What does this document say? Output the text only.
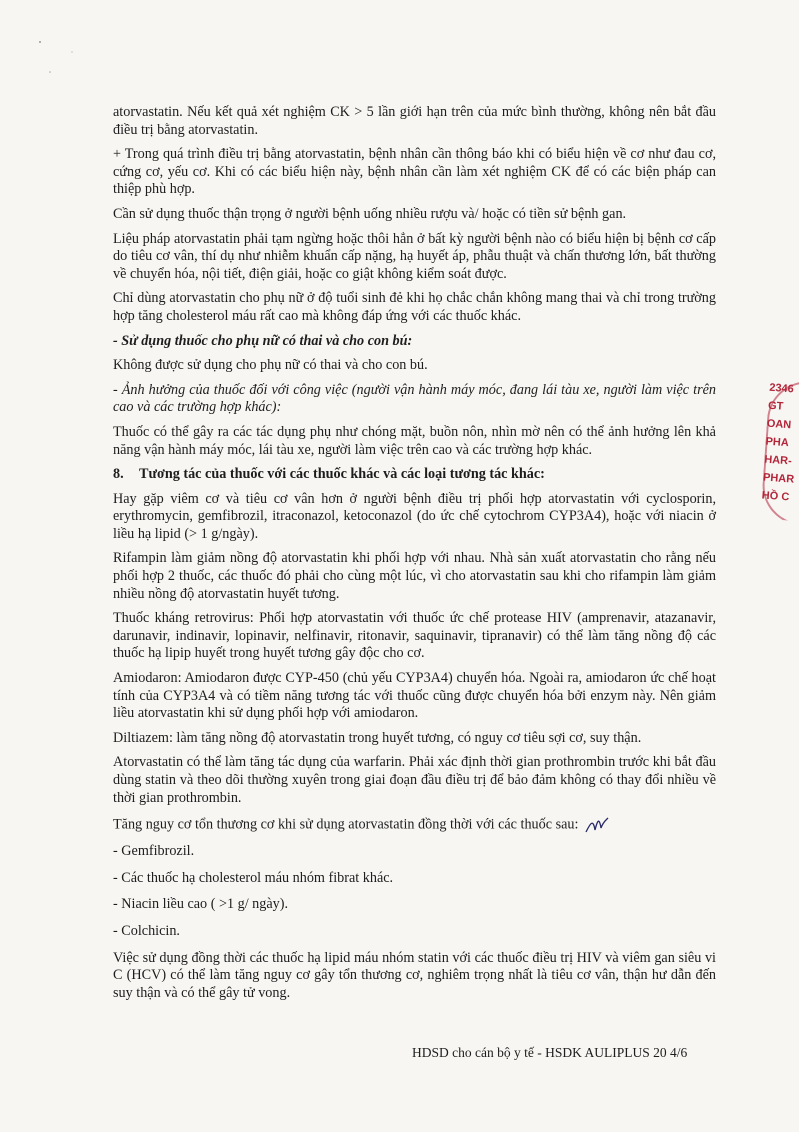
atorvastatin. Nếu kết quả xét nghiệm CK > 5 lần giới hạn trên của mức bình thường, không nên bắt đầu điều trị bằng atorvastatin.

+ Trong quá trình điều trị bằng atorvastatin, bệnh nhân cần thông báo khi có biểu hiện về cơ như đau cơ, cứng cơ, yếu cơ. Khi có các biểu hiện này, bệnh nhân cần làm xét nghiệm CK để có các biện pháp can thiệp phù hợp.

Cần sử dụng thuốc thận trọng ở người bệnh uống nhiều rượu và/ hoặc có tiền sử bệnh gan.

Liệu pháp atorvastatin phải tạm ngừng hoặc thôi hẳn ở bất kỳ người bệnh nào có biểu hiện bị bệnh cơ cấp do tiêu cơ vân, thí dụ như nhiễm khuẩn cấp nặng, hạ huyết áp, phẫu thuật và chấn thương lớn, bất thường về chuyển hóa, nội tiết, điện giải, hoặc co giật không kiểm soát được.

Chỉ dùng atorvastatin cho phụ nữ ở độ tuổi sinh đẻ khi họ chắc chắn không mang thai và chỉ trong trường hợp tăng cholesterol máu rất cao mà không đáp ứng với các thuốc khác.

- Sử dụng thuốc cho phụ nữ có thai và cho con bú:

Không được sử dụng cho phụ nữ có thai và cho con bú.

- Ảnh hưởng của thuốc đối với công việc (người vận hành máy móc, đang lái tàu xe, người làm việc trên cao và các trường hợp khác):

Thuốc có thể gây ra các tác dụng phụ như chóng mặt, buồn nôn, nhìn mờ nên có thể ảnh hưởng lên khả năng vận hành máy móc, lái tàu xe, người làm việc trên cao và các trường hợp khác.

8. Tương tác của thuốc với các thuốc khác và các loại tương tác khác:

Hay gặp viêm cơ và tiêu cơ vân hơn ở người bệnh điều trị phối hợp atorvastatin với cyclosporin, erythromycin, gemfibrozil, itraconazol, ketoconazol (do ức chế cytochrom CYP3A4), hoặc với niacin ở liều hạ lipid (> 1 g/ngày).

Rifampin làm giảm nồng độ atorvastatin khi phối hợp với nhau. Nhà sản xuất atorvastatin cho rằng nếu phối hợp 2 thuốc, các thuốc đó phải cho cùng một lúc, vì cho atorvastatin sau khi cho rifampin làm giảm nhiều nồng độ atorvastatin huyết tương.

Thuốc kháng retrovirus: Phối hợp atorvastatin với thuốc ức chế protease HIV (amprenavir, atazanavir, darunavir, indinavir, lopinavir, nelfinavir, ritonavir, saquinavir, tipranavir) có thể làm tăng nồng độ các thuốc hạ lipip huyết trong huyết tương gây độc cho cơ.

Amiodaron: Amiodaron được CYP-450 (chủ yếu CYP3A4) chuyển hóa. Ngoài ra, amiodaron ức chế hoạt tính của CYP3A4 và có tiềm năng tương tác với thuốc cũng được chuyển hóa bởi enzym này. Nên giảm liều atorvastatin khi sử dụng phối hợp với amiodaron.

Diltiazem: làm tăng nồng độ atorvastatin trong huyết tương, có nguy cơ tiêu sợi cơ, suy thận.

Atorvastatin có thể làm tăng tác dụng của warfarin. Phải xác định thời gian prothrombin trước khi bắt đầu dùng statin và theo dõi thường xuyên trong giai đoạn đầu điều trị để bảo đảm không có thay đổi nhiều về thời gian prothrombin.

Tăng nguy cơ tổn thương cơ khi sử dụng atorvastatin đồng thời với các thuốc sau:

- Gemfibrozil.

- Các thuốc hạ cholesterol máu nhóm fibrat khác.

- Niacin liều cao ( >1 g/ ngày).

- Colchicin.

Việc sử dụng đồng thời các thuốc hạ lipid máu nhóm statin với các thuốc điều trị HIV và viêm gan siêu vi C (HCV) có thể làm tăng nguy cơ gây tổn thương cơ, nghiêm trọng nhất là tiêu cơ vân, thận hư dẫn đến suy thận và có thể gây tử vong.

HDSD cho cán bộ y tế - HSDK AULIPLUS 20 4/6
2346
GT
OAN
PHA
HAR-
PHAR
HỒ C
